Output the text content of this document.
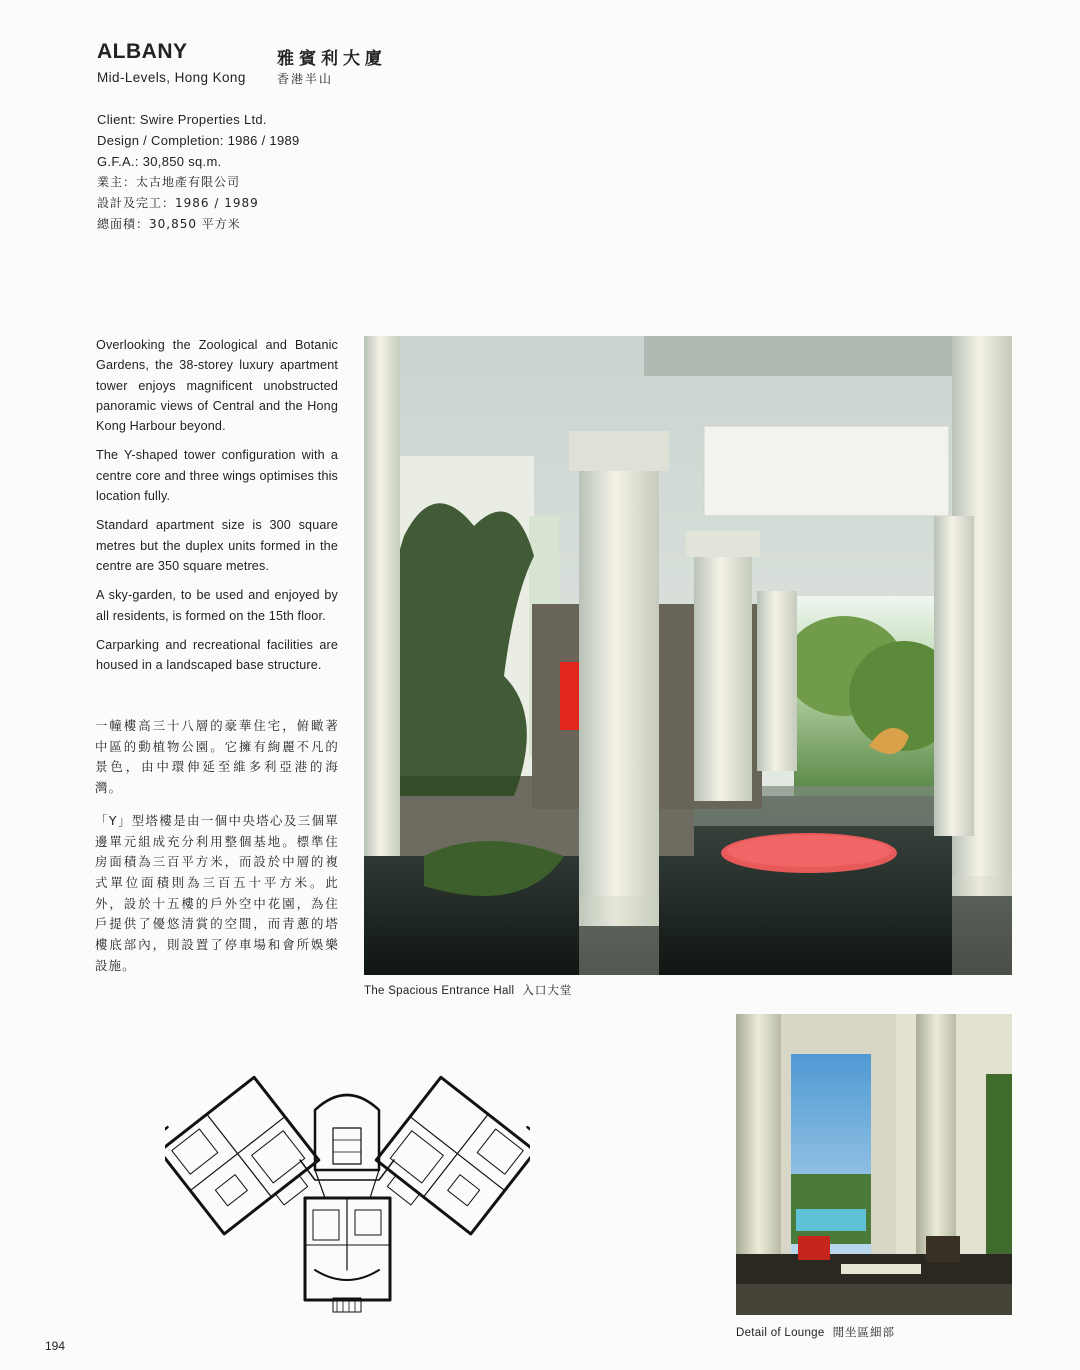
ALBANY	雅賓利大廈
Mid-Levels, Hong Kong	香港半山
Client: Swire Properties Ltd.
Design / Completion: 1986 / 1989
G.F.A.: 30,850 sq.m.
業主：太古地產有限公司
設計及完工：1986 / 1989
總面積：30,850 平方米

Overlooking the Zoological and Botanic Gardens, the 38-storey luxury apartment tower enjoys magnificent unobstructed panoramic views of Central and the Hong Kong Harbour beyond.

The Y-shaped tower configuration with a centre core and three wings optimises this location fully.

Standard apartment size is 300 square metres but the duplex units formed in the centre are 350 square metres.

A sky-garden, to be used and enjoyed by all residents, is formed on the 15th floor.

Carparking and recreational facilities are housed in a landscaped base structure.

一幢樓高三十八層的豪華住宅，俯瞰著中區的動植物公園。它擁有絢麗不凡的景色，由中環伸延至維多利亞港的海灣。

「Y」型塔樓是由一個中央塔心及三個單邊單元組成充分利用整個基地。標準住房面積為三百平方米，而設於中層的複式單位面積則為三百五十平方米。此外，設於十五樓的戶外空中花園，為住戶提供了優悠清賞的空間，而青蔥的塔樓底部內，則設置了停車場和會所娛樂設施。

The Spacious Entrance Hall 入口大堂
Detail of Lounge 閒坐區細部
194
